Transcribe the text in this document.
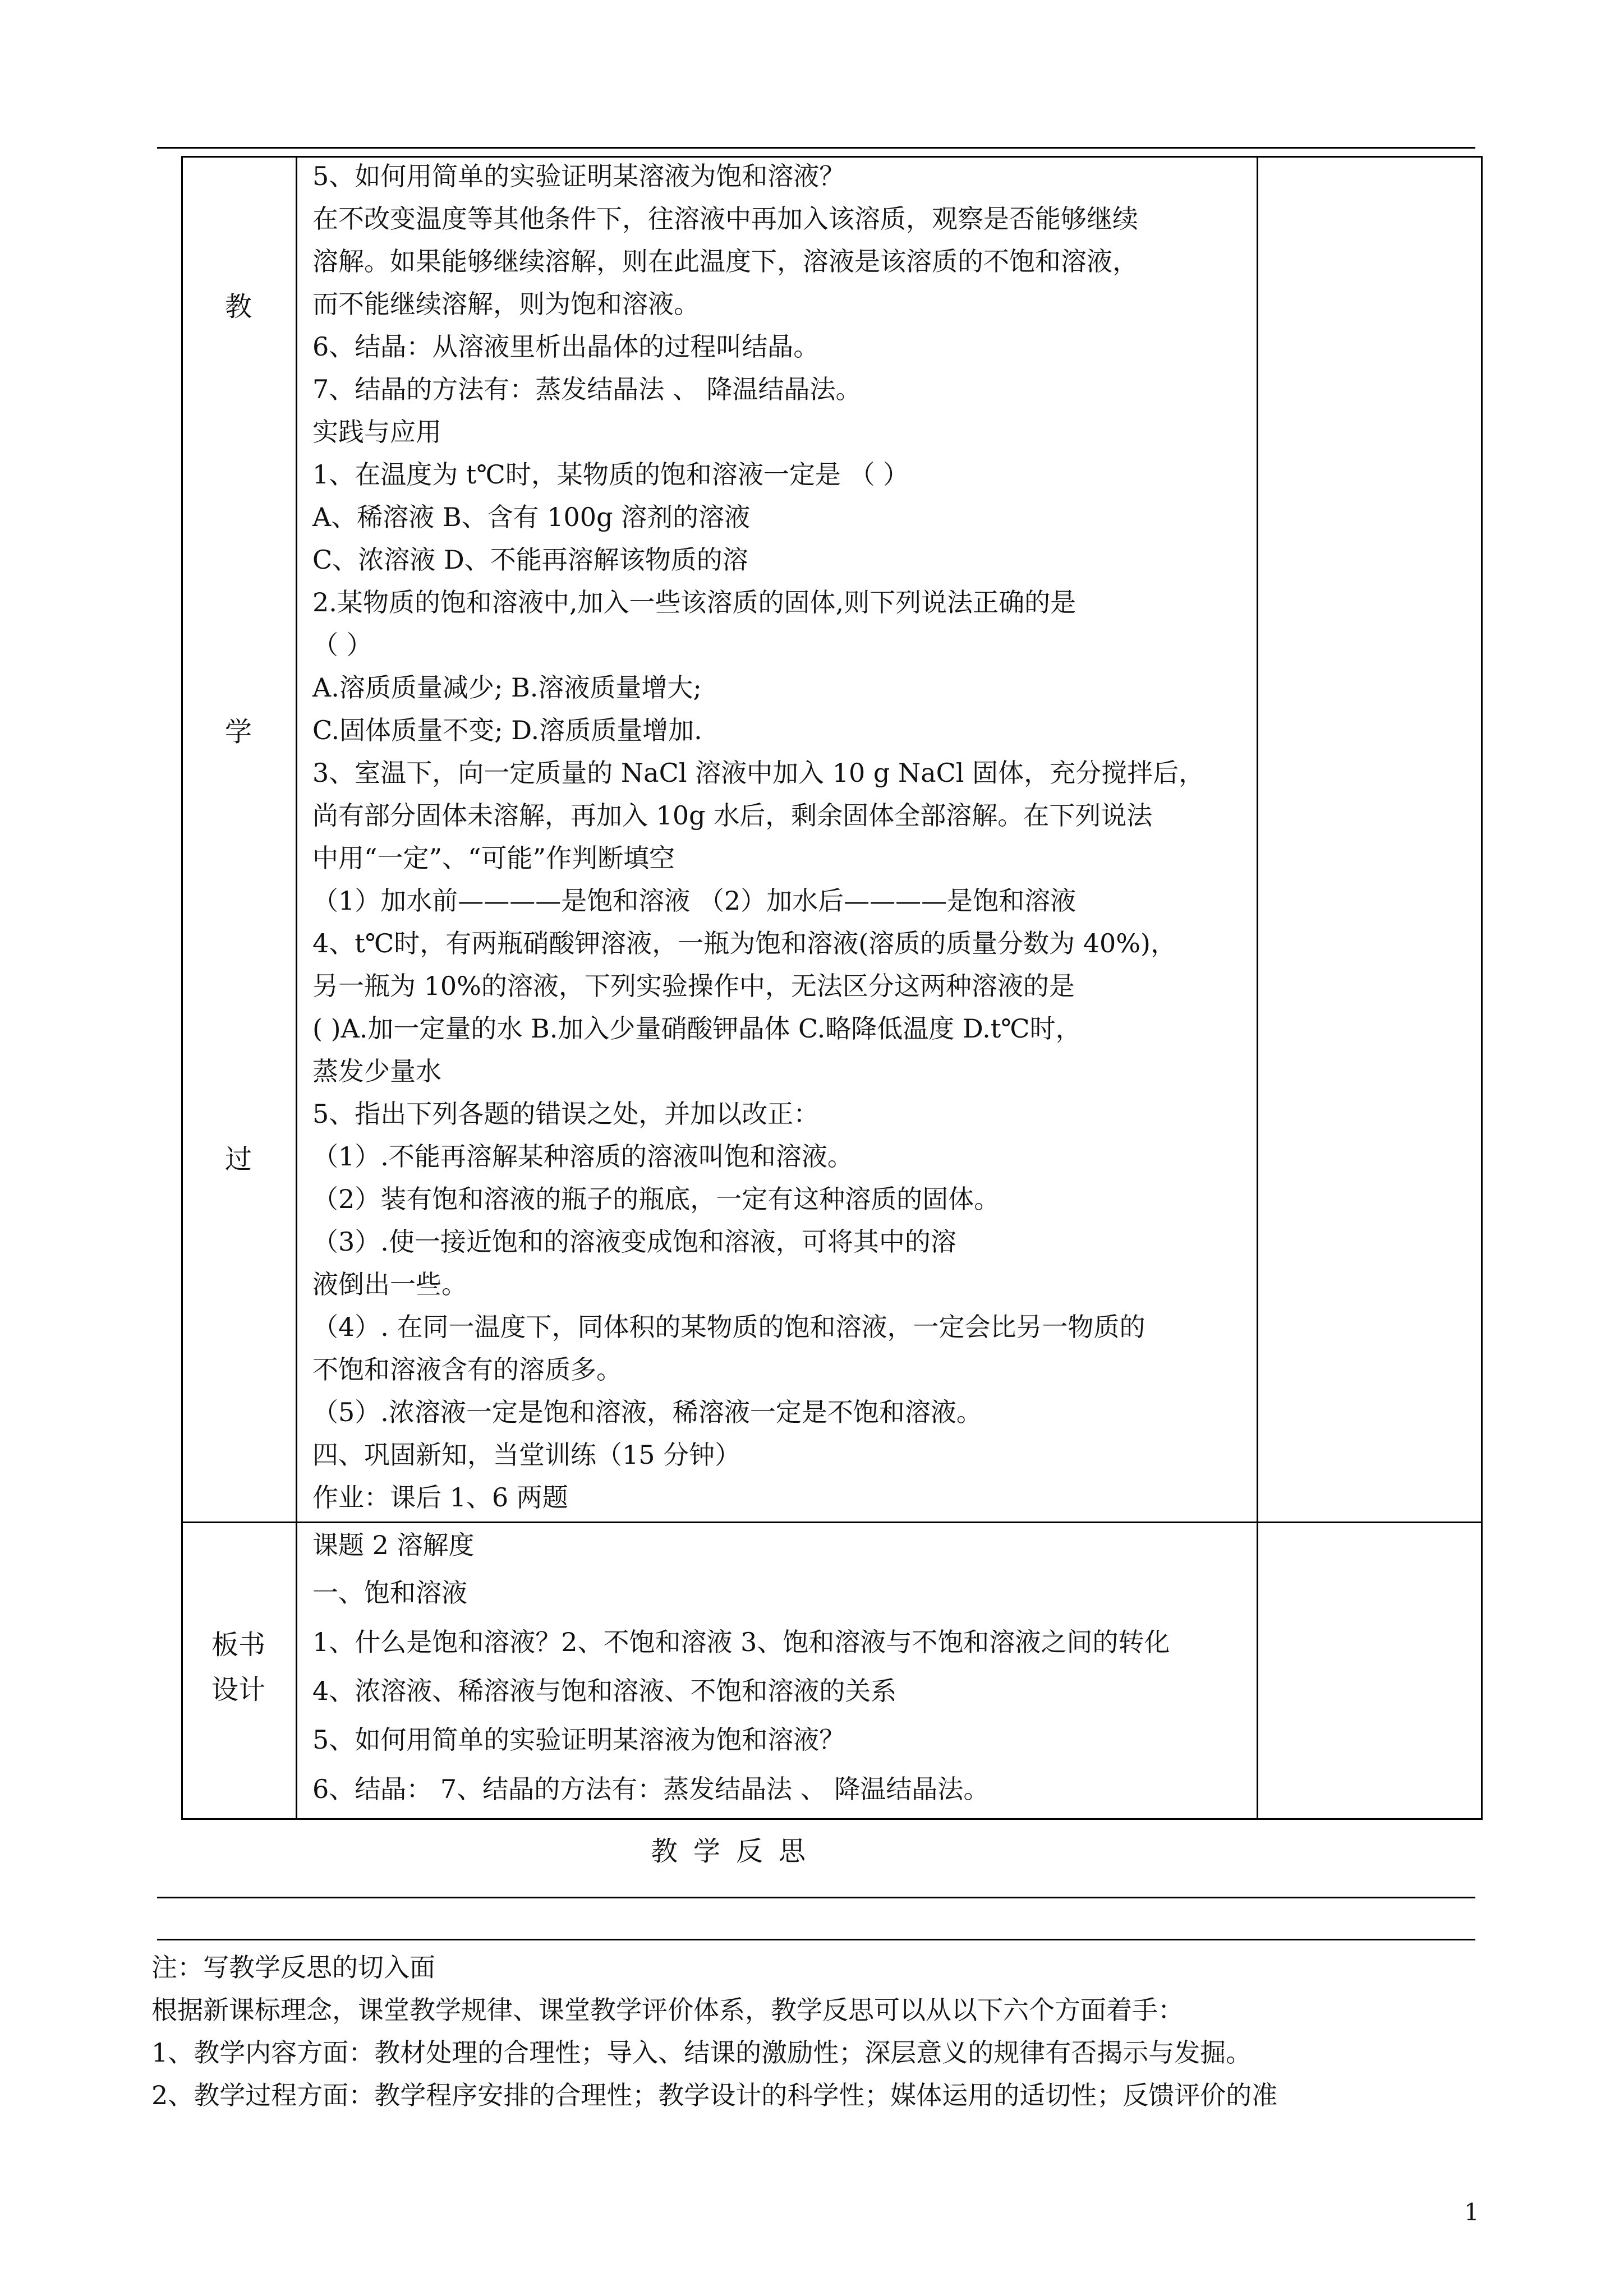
教
学
过
板书
设计
5、如何用简单的实验证明某溶液为饱和溶液？
在不改变温度等其他条件下，往溶液中再加入该溶质，观察是否能够继续
溶解。如果能够继续溶解，则在此温度下，溶液是该溶质的不饱和溶液，
而不能继续溶解，则为饱和溶液。
6、结晶：从溶液里析出晶体的过程叫结晶。
7、结晶的方法有：蒸发结晶法 、 降温结晶法。
实践与应用
1、在温度为 t℃时，某物质的饱和溶液一定是 （ ）
A、稀溶液 B、含有 100g 溶剂的溶液
C、浓溶液 D、不能再溶解该物质的溶
2.某物质的饱和溶液中,加入一些该溶质的固体,则下列说法正确的是
（ ）
A.溶质质量减少; B.溶液质量增大;
C.固体质量不变; D.溶质质量增加.
3、室温下，向一定质量的 NaCl 溶液中加入 10 g NaCl 固体，充分搅拌后，
尚有部分固体未溶解，再加入 10g 水后，剩余固体全部溶解。在下列说法
中用“一定”、“可能”作判断填空
（1）加水前————是饱和溶液 （2）加水后————是饱和溶液
4、t℃时，有两瓶硝酸钾溶液，一瓶为饱和溶液(溶质的质量分数为 40%)，
另一瓶为 10%的溶液，下列实验操作中，无法区分这两种溶液的是
( )A.加一定量的水 B.加入少量硝酸钾晶体 C.略降低温度 D.t℃时，
蒸发少量水
5、指出下列各题的错误之处，并加以改正：
（1）.不能再溶解某种溶质的溶液叫饱和溶液。
（2）装有饱和溶液的瓶子的瓶底，一定有这种溶质的固体。
（3）.使一接近饱和的溶液变成饱和溶液，可将其中的溶
液倒出一些。
（4）. 在同一温度下，同体积的某物质的饱和溶液，一定会比另一物质的
不饱和溶液含有的溶质多。
（5）.浓溶液一定是饱和溶液，稀溶液一定是不饱和溶液。
四、巩固新知，当堂训练（15 分钟）
作业：课后 1、6 两题
课题 2 溶解度
一、饱和溶液
1、什么是饱和溶液？2、不饱和溶液 3、饱和溶液与不饱和溶液之间的转化
4、浓溶液、稀溶液与饱和溶液、不饱和溶液的关系
5、如何用简单的实验证明某溶液为饱和溶液？
6、结晶： 7、结晶的方法有：蒸发结晶法 、 降温结晶法。
教学反思
注：写教学反思的切入面
根据新课标理念，课堂教学规律、课堂教学评价体系，教学反思可以从以下六个方面着手：
1、教学内容方面：教材处理的合理性；导入、结课的激励性；深层意义的规律有否揭示与发掘。
2、教学过程方面：教学程序安排的合理性；教学设计的科学性；媒体运用的适切性；反馈评价的准
1
